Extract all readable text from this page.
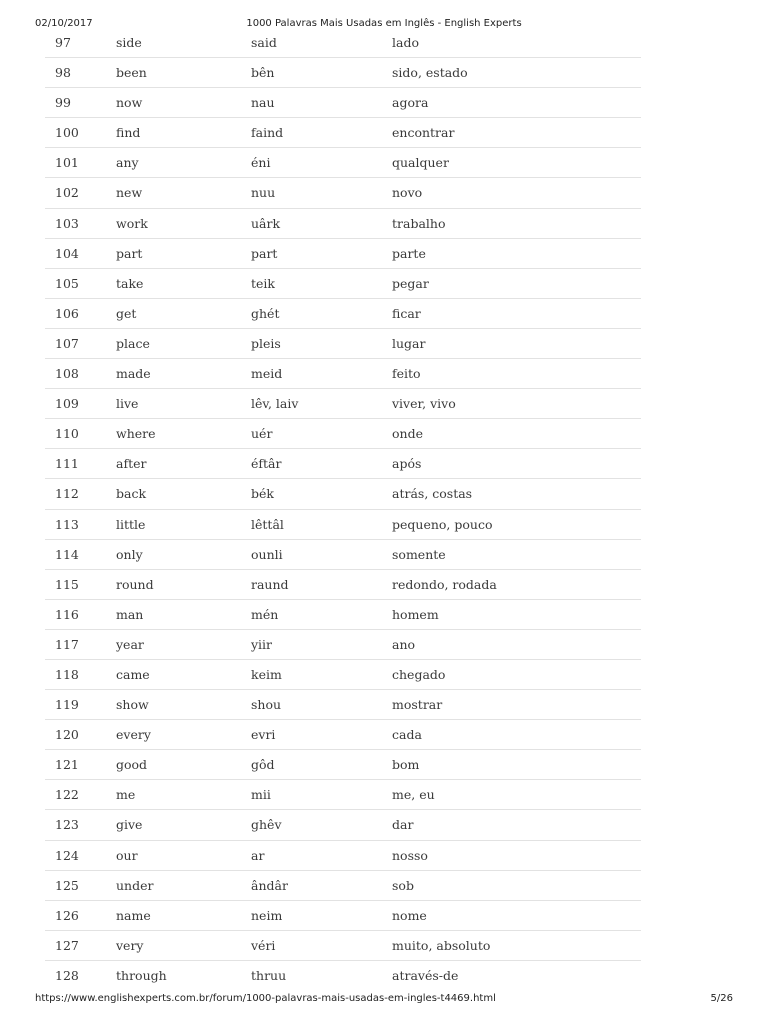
02/10/2017	1000 Palavras Mais Usadas em Inglês - English Experts
97	side	said	lado
98	been	bên	sido, estado
99	now	nau	agora
100	find	faind	encontrar
101	any	éni	qualquer
102	new	nuu	novo
103	work	uârk	trabalho
104	part	part	parte
105	take	teik	pegar
106	get	ghét	ficar
107	place	pleis	lugar
108	made	meid	feito
109	live	lêv, laiv	viver, vivo
110	where	uér	onde
111	after	éftâr	após
112	back	bék	atrás, costas
113	little	lêttâl	pequeno, pouco
114	only	ounli	somente
115	round	raund	redondo, rodada
116	man	mén	homem
117	year	yiir	ano
118	came	keim	chegado
119	show	shou	mostrar
120	every	evri	cada
121	good	gôd	bom
122	me	mii	me, eu
123	give	ghêv	dar
124	our	ar	nosso
125	under	ândâr	sob
126	name	neim	nome
127	very	véri	muito, absoluto
128	through	thruu	através-de
https://www.englishexperts.com.br/forum/1000-palavras-mais-usadas-em-ingles-t4469.html	5/26
